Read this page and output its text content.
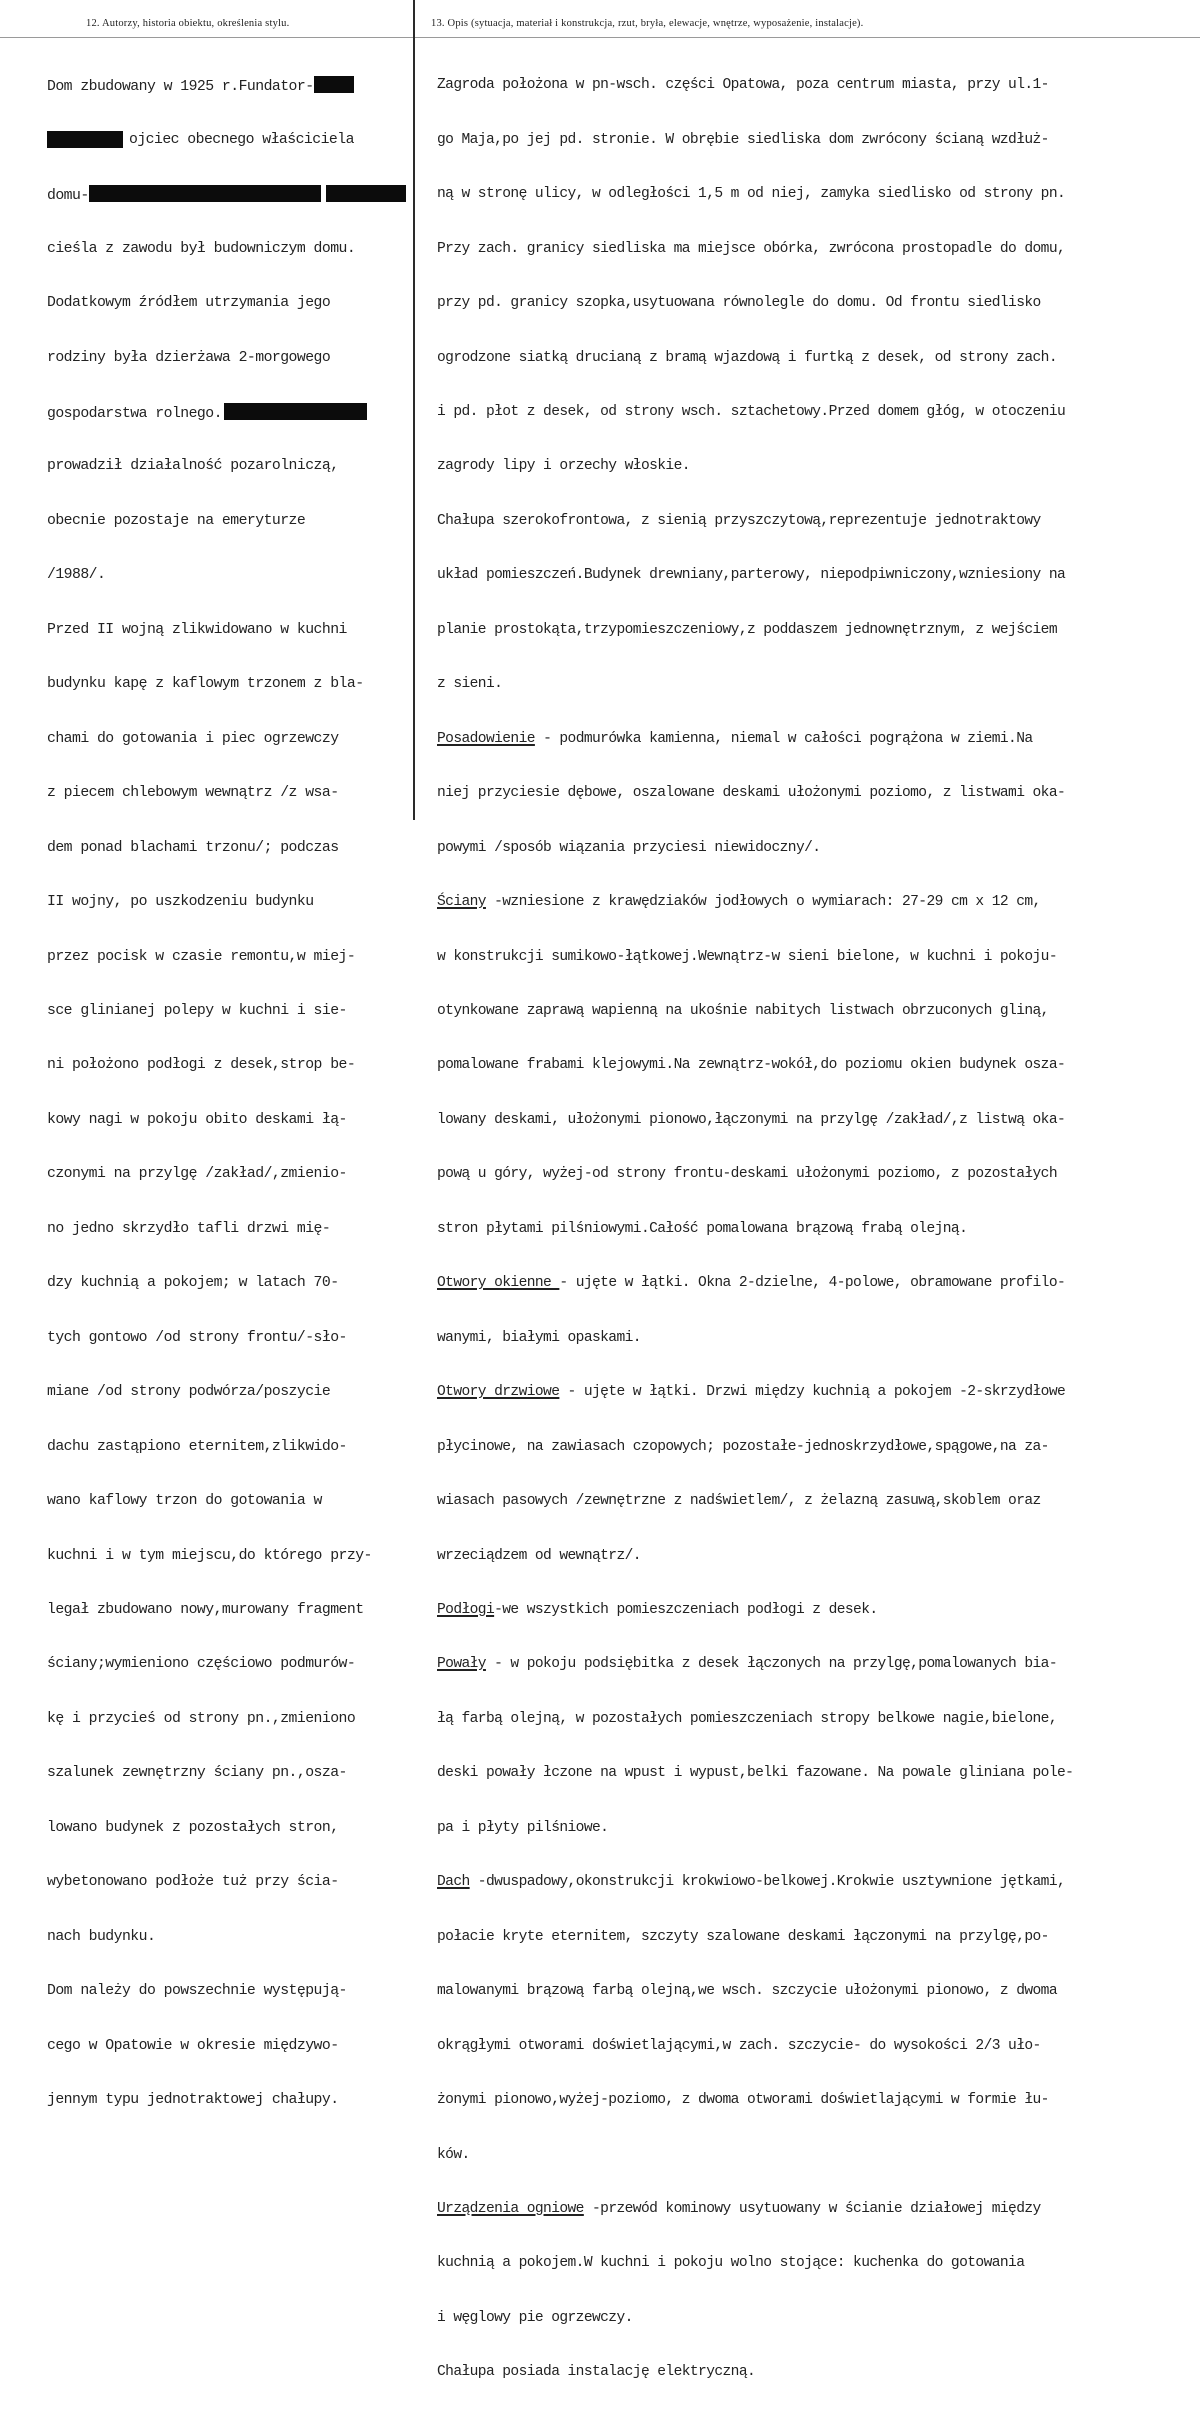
12. Autorzy, historia obiektu, określenia stylu.	13. Opis (sytuacja, materiał i konstrukcja, rzut, bryła, elewacje, wnętrze, wyposażenie, instalacje).

Dom zbudowany w 1925 r.Fundator-

ojciec obecnego właściciela

domu-

cieśla z zawodu był budowniczym domu.

Dodatkowym źródłem utrzymania jego

rodziny była dzierżawa 2-morgowego

gospodarstwa rolnego.

prowadził działalność pozarolniczą,

obecnie pozostaje na emeryturze

/1988/.

Przed II wojną zlikwidowano w kuchni

budynku kapę z kaflowym trzonem z bla-

chami do gotowania i piec ogrzewczy

z piecem chlebowym wewnątrz /z wsa-

dem ponad blachami trzonu/; podczas

II wojny, po uszkodzeniu budynku

przez pocisk w czasie remontu,w miej-

sce glinianej polepy w kuchni i sie-

ni położono podłogi z desek,strop be-

kowy nagi w pokoju obito deskami łą-

czonymi na przylgę /zakład/,zmienio-

no jedno skrzydło tafli drzwi mię-

dzy kuchnią a pokojem; w latach 70-

tych gontowo /od strony frontu/-sło-

miane /od strony podwórza/poszycie

dachu zastąpiono eternitem,zlikwido-

wano kaflowy trzon do gotowania w

kuchni i w tym miejscu,do którego przy-

legał zbudowano nowy,murowany fragment

ściany;wymieniono częściowo podmurów-

kę i przycieś od strony pn.,zmieniono

szalunek zewnętrzny ściany pn.,osza-

lowano budynek z pozostałych stron,

wybetonowano podłoże tuż przy ścia-

nach budynku.

Dom należy do powszechnie występują-

cego w Opatowie w okresie międzywo-

jennym typu jednotraktowej chałupy.

Zagroda położona w pn-wsch. części Opatowa, poza centrum miasta, przy ul.1-

go Maja,po jej pd. stronie. W obrębie siedliska dom zwrócony ścianą wzdłuż-

ną w stronę ulicy, w odległości 1,5 m od niej, zamyka siedlisko od strony pn.

Przy zach. granicy siedliska ma miejsce obórka, zwrócona prostopadle do domu,

przy pd. granicy szopka,usytuowana równolegle do domu. Od frontu siedlisko

ogrodzone siatką drucianą z bramą wjazdową i furtką z desek, od strony zach.

i pd. płot z desek, od strony wsch. sztachetowy.Przed domem głóg, w otoczeniu

zagrody lipy i orzechy włoskie.

Chałupa szerokofrontowa, z sienią przyszczytową,reprezentuje jednotraktowy

układ pomieszczeń.Budynek drewniany,parterowy, niepodpiwniczony,wzniesiony na

planie prostokąta,trzypomieszczeniowy,z poddaszem jednownętrznym, z wejściem

z sieni.

Posadowienie - podmurówka kamienna, niemal w całości pogrążona w ziemi.Na

niej przyciesie dębowe, oszalowane deskami ułożonymi poziomo, z listwami oka-

powymi /sposób wiązania przyciesi niewidoczny/.

Ściany -wzniesione z krawędziaków jodłowych o wymiarach: 27-29 cm x 12 cm,

w konstrukcji sumikowo-łątkowej.Wewnątrz-w sieni bielone, w kuchni i pokoju-

otynkowane zaprawą wapienną na ukośnie nabitych listwach obrzuconych gliną,

pomalowane frabami klejowymi.Na zewnątrz-wokół,do poziomu okien budynek osza-

lowany deskami, ułożonymi pionowo,łączonymi na przylgę /zakład/,z listwą oka-

pową u góry, wyżej-od strony frontu-deskami ułożonymi poziomo, z pozostałych

stron płytami pilśniowymi.Całość pomalowana brązową frabą olejną.

Otwory okienne - ujęte w łątki. Okna 2-dzielne, 4-polowe, obramowane profilo-

wanymi, białymi opaskami.

Otwory drzwiowe - ujęte w łątki. Drzwi między kuchnią a pokojem -2-skrzydłowe

płycinowe, na zawiasach czopowych; pozostałe-jednoskrzydłowe,spągowe,na za-

wiasach pasowych /zewnętrzne z nadświetlem/, z żelazną zasuwą,skoblem oraz

wrzeciądzem od wewnątrz/.

Podłogi-we wszystkich pomieszczeniach podłogi z desek.

Powały - w pokoju podsiębitka z desek łączonych na przylgę,pomalowanych bia-

łą farbą olejną, w pozostałych pomieszczeniach stropy belkowe nagie,bielone,

deski powały łczone na wpust i wypust,belki fazowane. Na powale gliniana pole-

pa i płyty pilśniowe.

Dach -dwuspadowy,okonstrukcji krokwiowo-belkowej.Krokwie usztywnione jętkami,

połacie kryte eternitem, szczyty szalowane deskami łączonymi na przylgę,po-

malowanymi brązową farbą olejną,we wsch. szczycie ułożonymi pionowo, z dwoma

okrągłymi otworami doświetlającymi,w zach. szczycie- do wysokości 2/3 uło-

żonymi pionowo,wyżej-poziomo, z dwoma otworami doświetlającymi w formie łu-

ków.

Urządzenia ogniowe -przewód kominowy usytuowany w ścianie działowej między

kuchnią a pokojem.W kuchni i pokoju wolno stojące: kuchenka do gotowania

i węglowy pie ogrzewczy.

Chałupa posiada instalację elektryczną.
